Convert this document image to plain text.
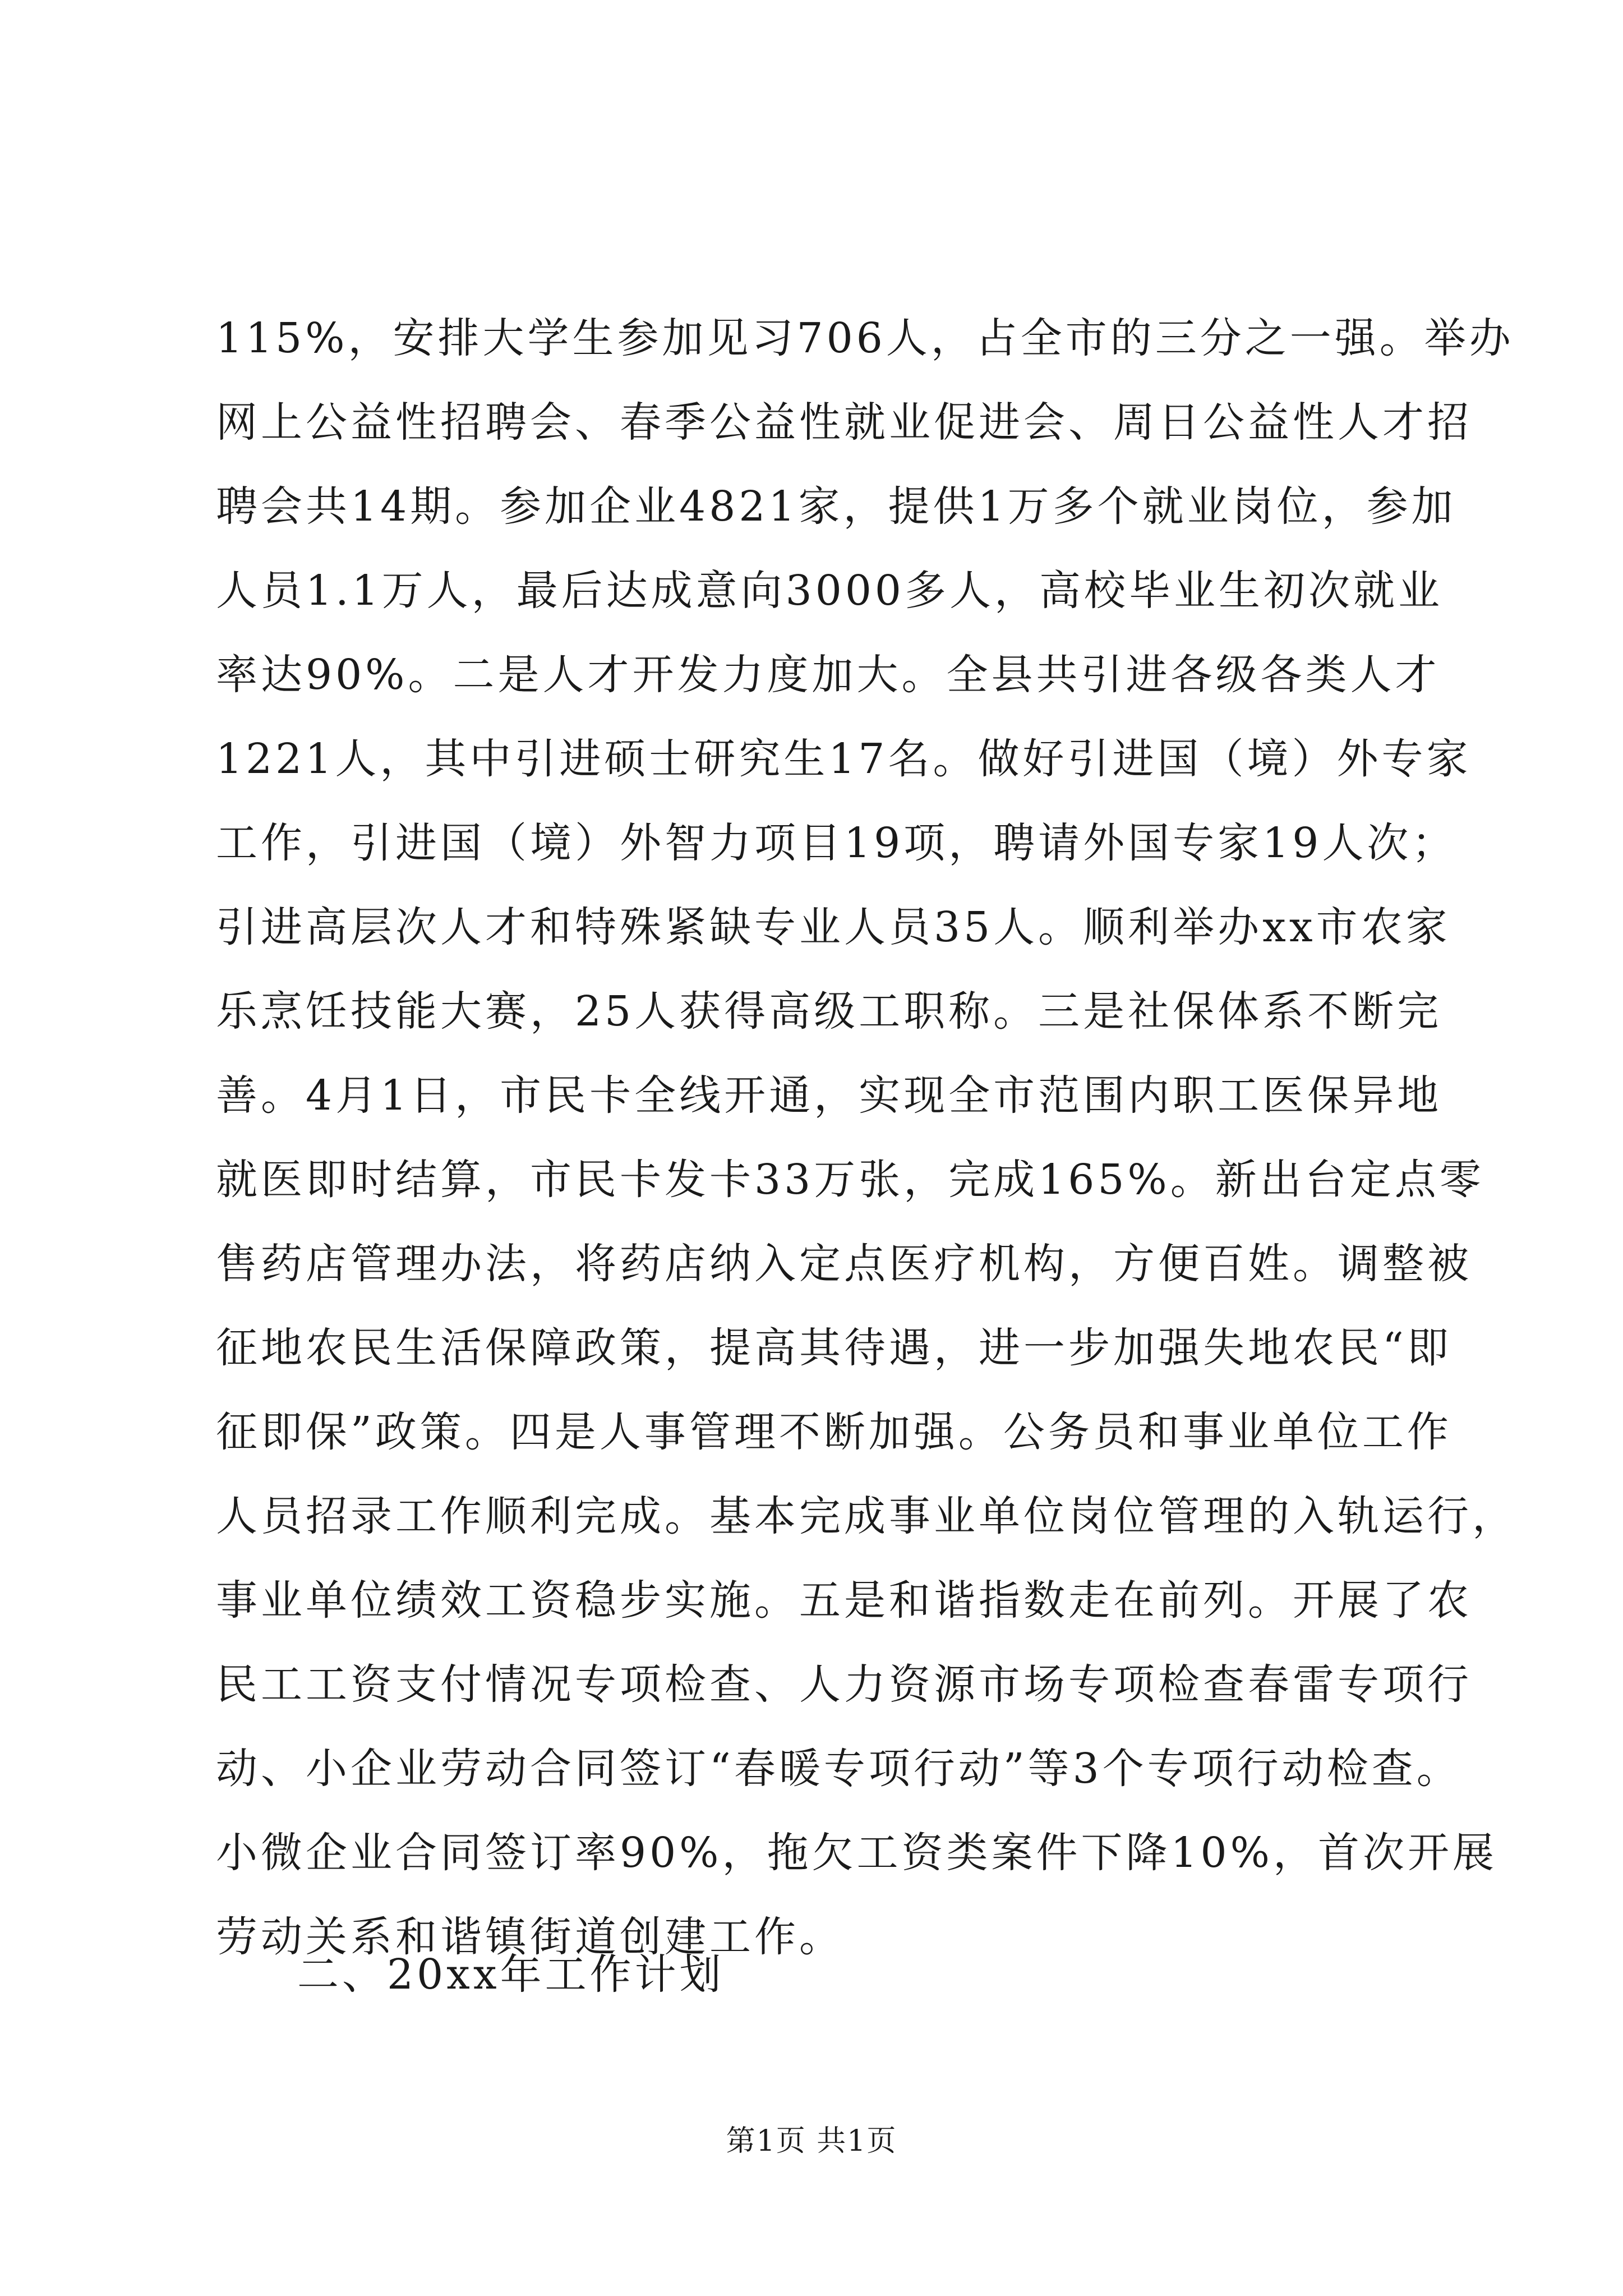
115%，安排大学生参加见习706人，占全市的三分之一强。举办
网上公益性招聘会、春季公益性就业促进会、周日公益性人才招
聘会共14期。参加企业4821家，提供1万多个就业岗位，参加
人员1.1万人，最后达成意向3000多人，高校毕业生初次就业
率达90%。二是人才开发力度加大。全县共引进各级各类人才
1221人，其中引进硕士研究生17名。做好引进国（境）外专家
工作，引进国（境）外智力项目19项，聘请外国专家19人次；
引进高层次人才和特殊紧缺专业人员35人。顺利举办xx市农家
乐烹饪技能大赛，25人获得高级工职称。三是社保体系不断完
善。4月1日，市民卡全线开通，实现全市范围内职工医保异地
就医即时结算，市民卡发卡33万张，完成165%。新出台定点零
售药店管理办法，将药店纳入定点医疗机构，方便百姓。调整被
征地农民生活保障政策，提高其待遇，进一步加强失地农民“即
征即保”政策。四是人事管理不断加强。公务员和事业单位工作
人员招录工作顺利完成。基本完成事业单位岗位管理的入轨运行，
事业单位绩效工资稳步实施。五是和谐指数走在前列。开展了农
民工工资支付情况专项检查、人力资源市场专项检查春雷专项行
动、小企业劳动合同签订“春暖专项行动”等3个专项行动检查。
小微企业合同签订率90%，拖欠工资类案件下降10%，首次开展
劳动关系和谐镇街道创建工作。
二、20xx年工作计划
第1页 共1页
